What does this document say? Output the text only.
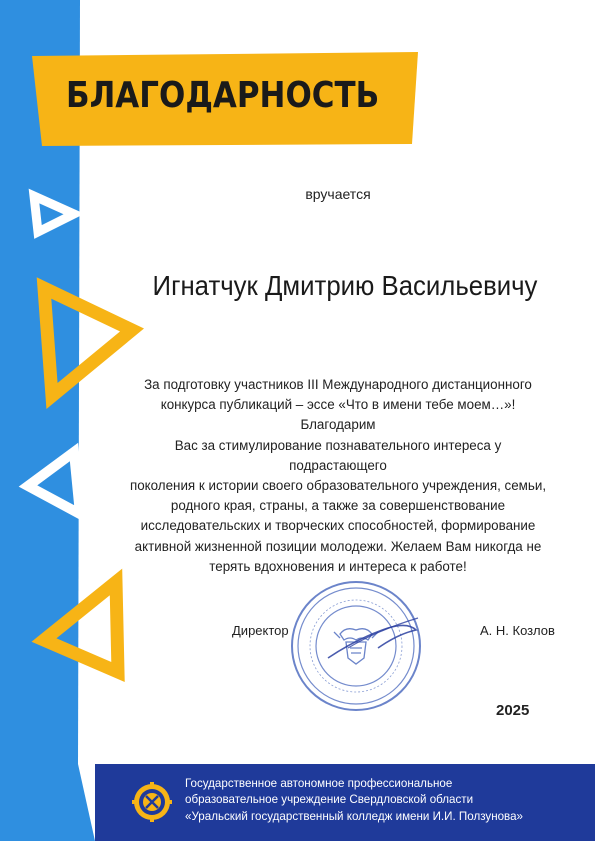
БЛАГОДАРНОСТЬ
вручается
Игнатчук Дмитрию Васильевичу
За подготовку участников III Международного дистанционного
конкурса публикаций – эссе «Что в имени тебе моем…»! Благодарим
Вас за стимулирование познавательного интереса у подрастающего
поколения к истории своего образовательного учреждения, семьи,
родного края, страны, а также за совершенствование
исследовательских и творческих способностей, формирование
активной жизненной позиции молодежи. Желаем Вам никогда не
терять вдохновения и интереса к работе!
Директор	А. Н. Козлов
2025
Государственное автономное профессиональное
образовательное учреждение Свердловской области
«Уральский государственный колледж имени И.И. Ползунова»
